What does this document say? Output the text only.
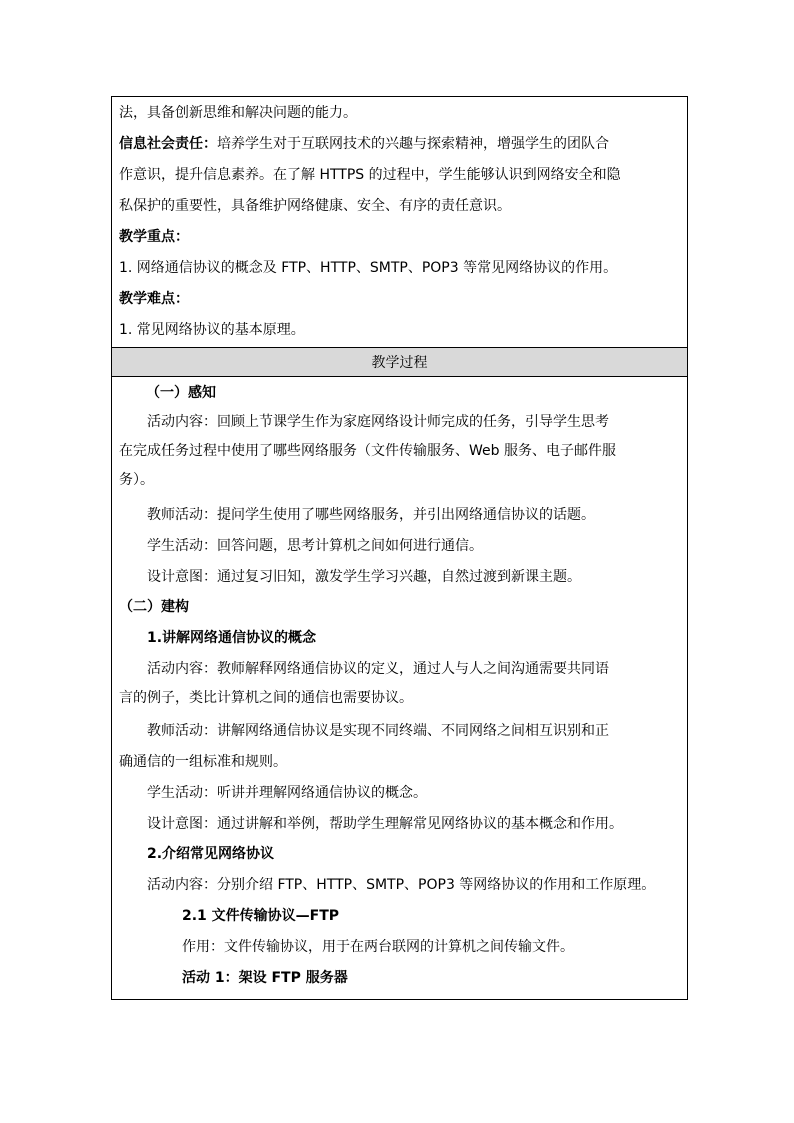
法，具备创新思维和解决问题的能力。
信息社会责任：培养学生对于互联网技术的兴趣与探索精神，增强学生的团队合
作意识，提升信息素养。在了解 HTTPS 的过程中，学生能够认识到网络安全和隐
私保护的重要性，具备维护网络健康、安全、有序的责任意识。
教学重点：
1. 网络通信协议的概念及 FTP、HTTP、SMTP、POP3 等常见网络协议的作用。
教学难点：
1. 常见网络协议的基本原理。
教学过程
（一）感知
活动内容：回顾上节课学生作为家庭网络设计师完成的任务，引导学生思考
在完成任务过程中使用了哪些网络服务（文件传输服务、Web 服务、电子邮件服
务）。
教师活动：提问学生使用了哪些网络服务，并引出网络通信协议的话题。
学生活动：回答问题，思考计算机之间如何进行通信。
设计意图：通过复习旧知，激发学生学习兴趣，自然过渡到新课主题。
（二）建构
1.讲解网络通信协议的概念
活动内容：教师解释网络通信协议的定义，通过人与人之间沟通需要共同语
言的例子，类比计算机之间的通信也需要协议。
教师活动：讲解网络通信协议是实现不同终端、不同网络之间相互识别和正
确通信的一组标准和规则。
学生活动：听讲并理解网络通信协议的概念。
设计意图：通过讲解和举例，帮助学生理解常见网络协议的基本概念和作用。
2.介绍常见网络协议
活动内容：分别介绍 FTP、HTTP、SMTP、POP3 等网络协议的作用和工作原理。
2.1 文件传输协议—FTP
作用：文件传输协议，用于在两台联网的计算机之间传输文件。
活动 1：架设 FTP 服务器
